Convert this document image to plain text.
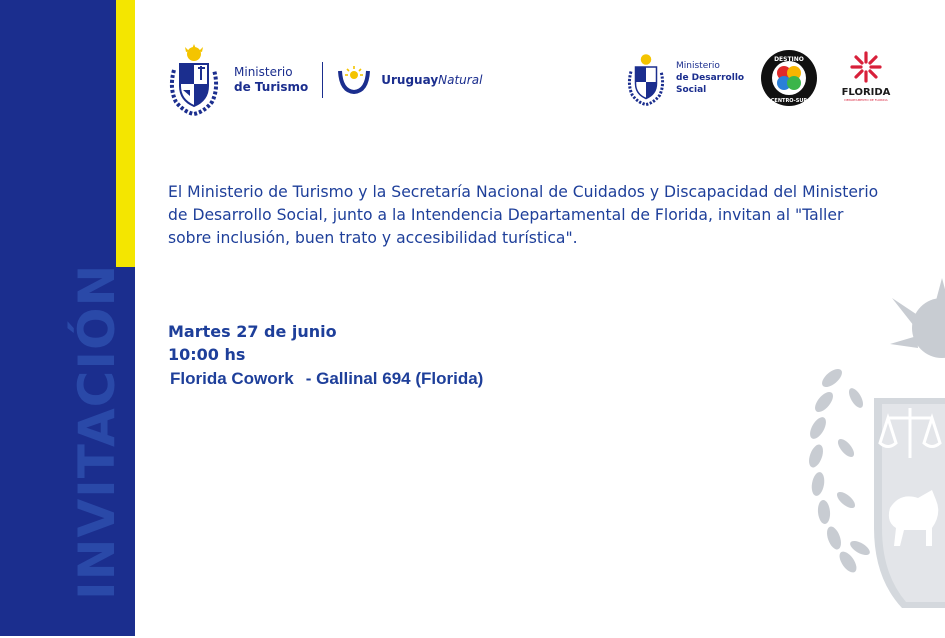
INVITACIÓN
Ministerio
de Turismo	UruguayNatural
Ministerio
de Desarrollo
Social
DESTINO
CENTRO-SUR
FLORIDA
DEPARTAMENTO DE FLORIDA
El Ministerio de Turismo y la Secretaría Nacional de Cuidados y Discapacidad del Ministerio de Desarrollo Social, junto a la Intendencia Departamental de Florida, invitan al "Taller sobre inclusión, buen trato y accesibilidad turística".
Martes 27 de junio
10:00 hs
Florida Cowork - Gallinal 694 (Florida)
